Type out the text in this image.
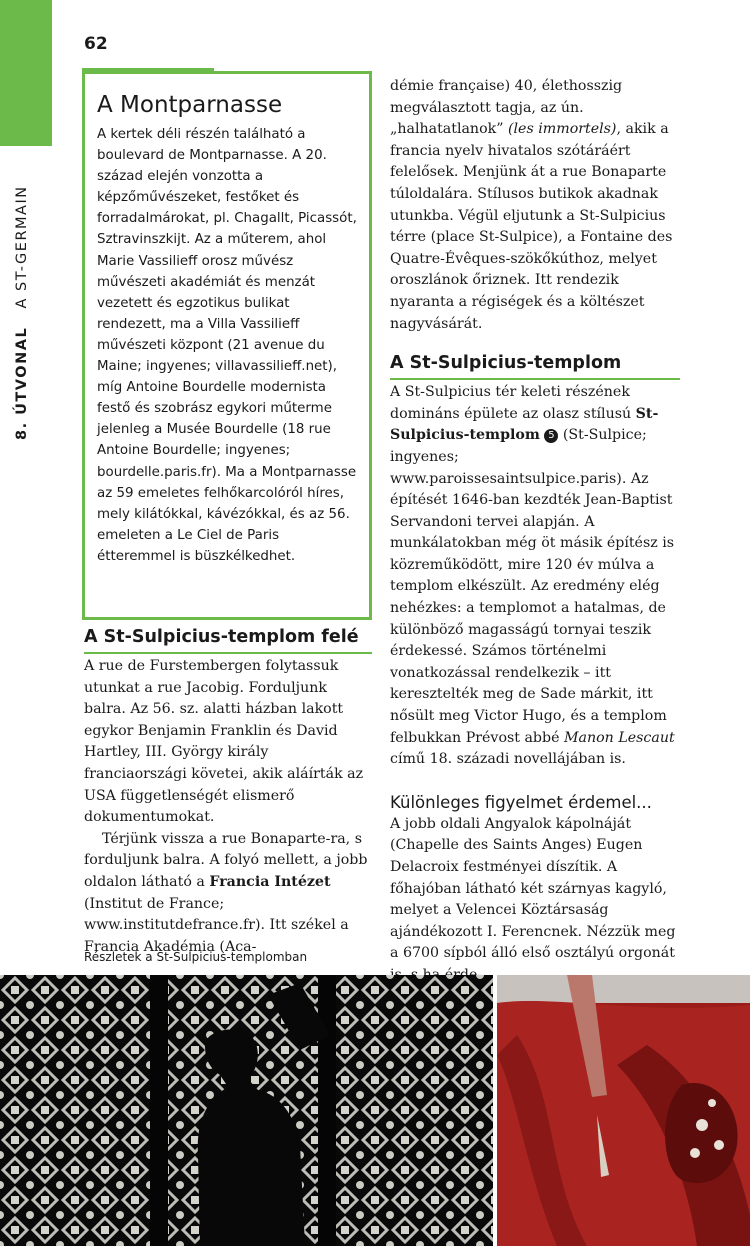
8. ÚTVONAL   A ST-GERMAIN
62
A Montparnasse

A kertek déli részén található a boulevard de Montparnasse. A 20. század elején vonzotta a képzőművészeket, festőket és forradalmárokat, pl. Chagallt, Picassót, Sztravinszkijt. Az a műterem, ahol Marie Vassilieff orosz művész művészeti akadémiát és menzát vezetett és egzotikus bulikat rendezett, ma a Villa Vassilieff művészeti központ (21 avenue du Maine; ingyenes; villavassilieff.net), míg Antoine Bourdelle modernista festő és szobrász egykori műterme jelenleg a Musée Bourdelle (18 rue Antoine Bourdelle; ingyenes; bourdelle.paris.fr). Ma a Montparnasse az 59 emeletes felhőkarcolóról híres, mely kilátókkal, kávézókkal, és az 56. emeleten a Le Ciel de Paris étteremmel is büszkélkedhet.

A St-Sulpicius-templom felé
A rue de Furstembergen folytassuk utunkat a rue Jacobig. Forduljunk balra. Az 56. sz. alatti házban lakott egykor Benjamin Franklin és David Hartley, III. György király franciaországi követei, akik aláírták az USA függetlenségét elismerő dokumentumokat.
Térjünk vissza a rue Bonaparte-ra, s forduljunk balra. A folyó mellett, a jobb oldalon látható a Francia Intézet (Institut de France; www.institutdefrance.fr). Itt székel a Francia Akadémia (Aca-
démie française) 40, élethosszig megválasztott tagja, az ún. „halhatatlanok” (les immortels), akik a francia nyelv hivatalos szótáráért felelősek. Menjünk át a rue Bonaparte túloldalára. Stílusos butikok akadnak utunkba. Végül eljutunk a St-Sulpicius térre (place St-Sulpice), a Fontaine des Quatre-Évêques-szökőkúthoz, melyet oroszlánok őriznek. Itt rendezik nyaranta a régiségek és a költészet nagyvásárát.
A St-Sulpicius-templom
A St-Sulpicius tér keleti részének domináns épülete az olasz stílusú St-Sulpicius-templom 5 (St-Sulpice; ingyenes; www.paroissesaintsulpice.paris). Az építését 1646-ban kezdték Jean-Baptist Servandoni tervei alapján. A munkálatokban még öt másik építész is közreműködött, mire 120 év múlva a templom elkészült. Az eredmény elég nehézkes: a templomot a hatalmas, de különböző magasságú tornyai teszik érdekessé. Számos történelmi vonatkozással rendelkezik – itt keresztelték meg de Sade márkit, itt nősült meg Victor Hugo, és a templom felbukkan Prévost abbé Manon Lescaut című 18. századi novellájában is.
Különleges figyelmet érdemel...
A jobb oldali Angyalok kápolnáját (Chapelle des Saints Anges) Eugen Delacroix festményei díszítik. A főhajóban látható két szárnyas kagyló, melyet a Velencei Köztársaság ajándékozott I. Ferencnek. Nézzük meg a 6700 sípból álló első osztályú orgonát
Részletek a St-Sulpicius-templomban
